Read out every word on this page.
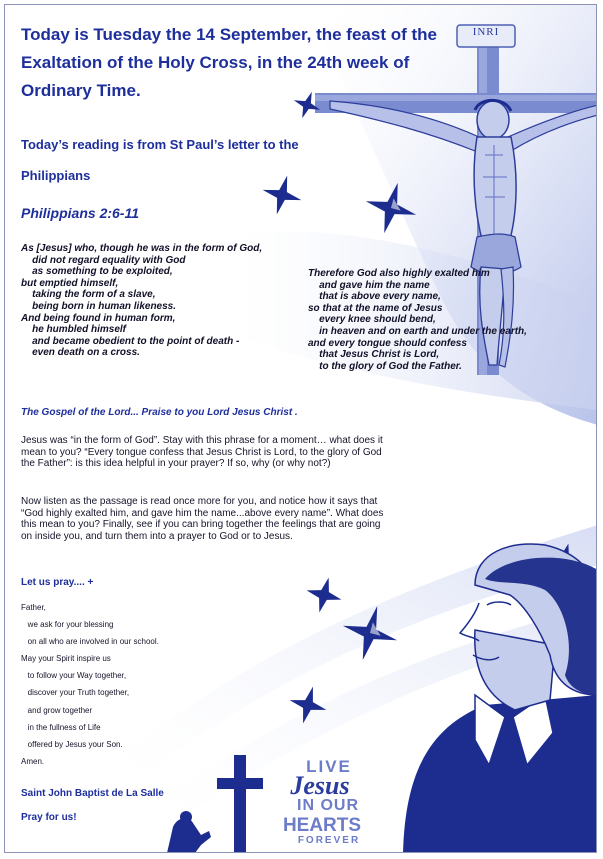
INRI
LIVE
Jesus
IN OUR
HEARTS
FOREVER
Today is Tuesday the 14 September, the feast of the Exaltation of the Holy Cross, in the 24th week of Ordinary Time.
Today’s reading is from St Paul’s letter to the Philippians
Philippians 2:6-11
As [Jesus] who, though he was in the form of God,
did not regard equality with God
as something to be exploited,
but emptied himself,
taking the form of a slave,
being born in human likeness.
And being found in human form,
he humbled himself
and became obedient to the point of death -
even death on a cross.
Therefore God also highly exalted him
and gave him the name
that is above every name,
so that at the name of Jesus
every knee should bend,
in heaven and on earth and under the earth,
and every tongue should confess
that Jesus Christ is Lord,
to the glory of God the Father.
The Gospel of the Lord... Praise to you Lord Jesus Christ .
Jesus was “in the form of God”. Stay with this phrase for a moment… what does it mean to you? “Every tongue confess that Jesus Christ is Lord, to the glory of God the Father”: is this idea helpful in your prayer? If so, why (or why not?)
Now listen as the passage is read once more for you, and notice how it says that “God highly exalted him, and gave him the name...above every name”. What does this mean to you? Finally, see if you can bring together the feelings that are going on inside you, and turn them into a prayer to God or to Jesus.
Let us pray.... +
Father,
we ask for your blessing
on all who are involved in our school.
May your Spirit inspire us
to follow your Way together,
discover your Truth together,
and grow together
in the fullness of Life
offered by Jesus your Son.
Amen.
Saint John Baptist de La Salle
Pray for us!
